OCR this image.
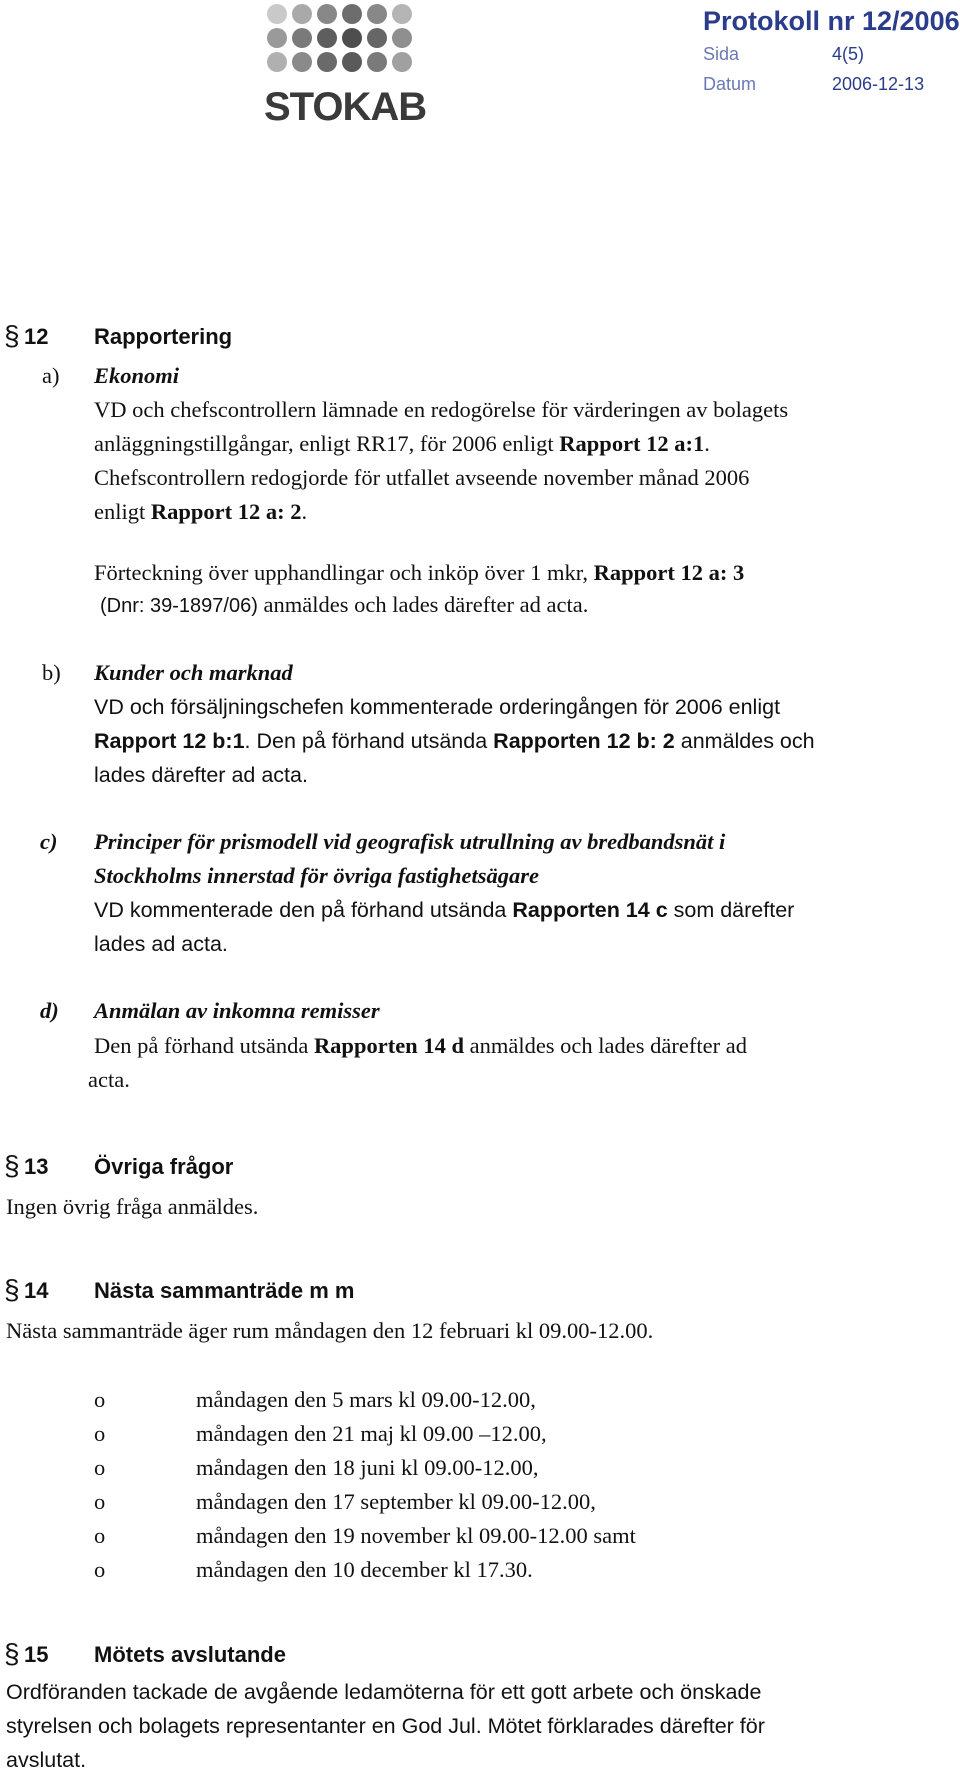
STOKAB
Protokoll nr 12/2006
Sida	4(5)
Datum	2006-12-13
§ 12 Rapportering
a) Ekonomi
VD och chefscontrollern lämnade en redogörelse för värderingen av bolagets
anläggningstillgångar, enligt RR17, för 2006 enligt Rapport 12 a:1.
Chefscontrollern redogjorde för utfallet avseende november månad 2006
enligt Rapport 12 a: 2.
Förteckning över upphandlingar och inköp över 1 mkr, Rapport 12 a: 3
(Dnr: 39-1897/06) anmäldes och lades därefter ad acta.
b) Kunder och marknad
VD och försäljningschefen kommenterade orderingången för 2006 enligt
Rapport 12 b:1. Den på förhand utsända Rapporten 12 b: 2 anmäldes och
lades därefter ad acta.
c) Principer för prismodell vid geografisk utrullning av bredbandsnät i
Stockholms innerstad för övriga fastighetsägare
VD kommenterade den på förhand utsända Rapporten 14 c som därefter
lades ad acta.
d) Anmälan av inkomna remisser
Den på förhand utsända Rapporten 14 d anmäldes och lades därefter ad
acta.
§ 13 Övriga frågor
Ingen övrig fråga anmäldes.
§ 14 Nästa sammanträde m m
Nästa sammanträde äger rum måndagen den 12 februari kl 09.00-12.00.
o	måndagen den 5 mars kl 09.00-12.00,
o	måndagen den 21 maj kl 09.00 –12.00,
o	måndagen den 18 juni kl 09.00-12.00,
o	måndagen den 17 september kl 09.00-12.00,
o	måndagen den 19 november kl 09.00-12.00 samt
o	måndagen den 10 december kl 17.30.
§ 15 Mötets avslutande
Ordföranden tackade de avgående ledamöterna för ett gott arbete och önskade
styrelsen och bolagets representanter en God Jul. Mötet förklarades därefter för
avslutat.
